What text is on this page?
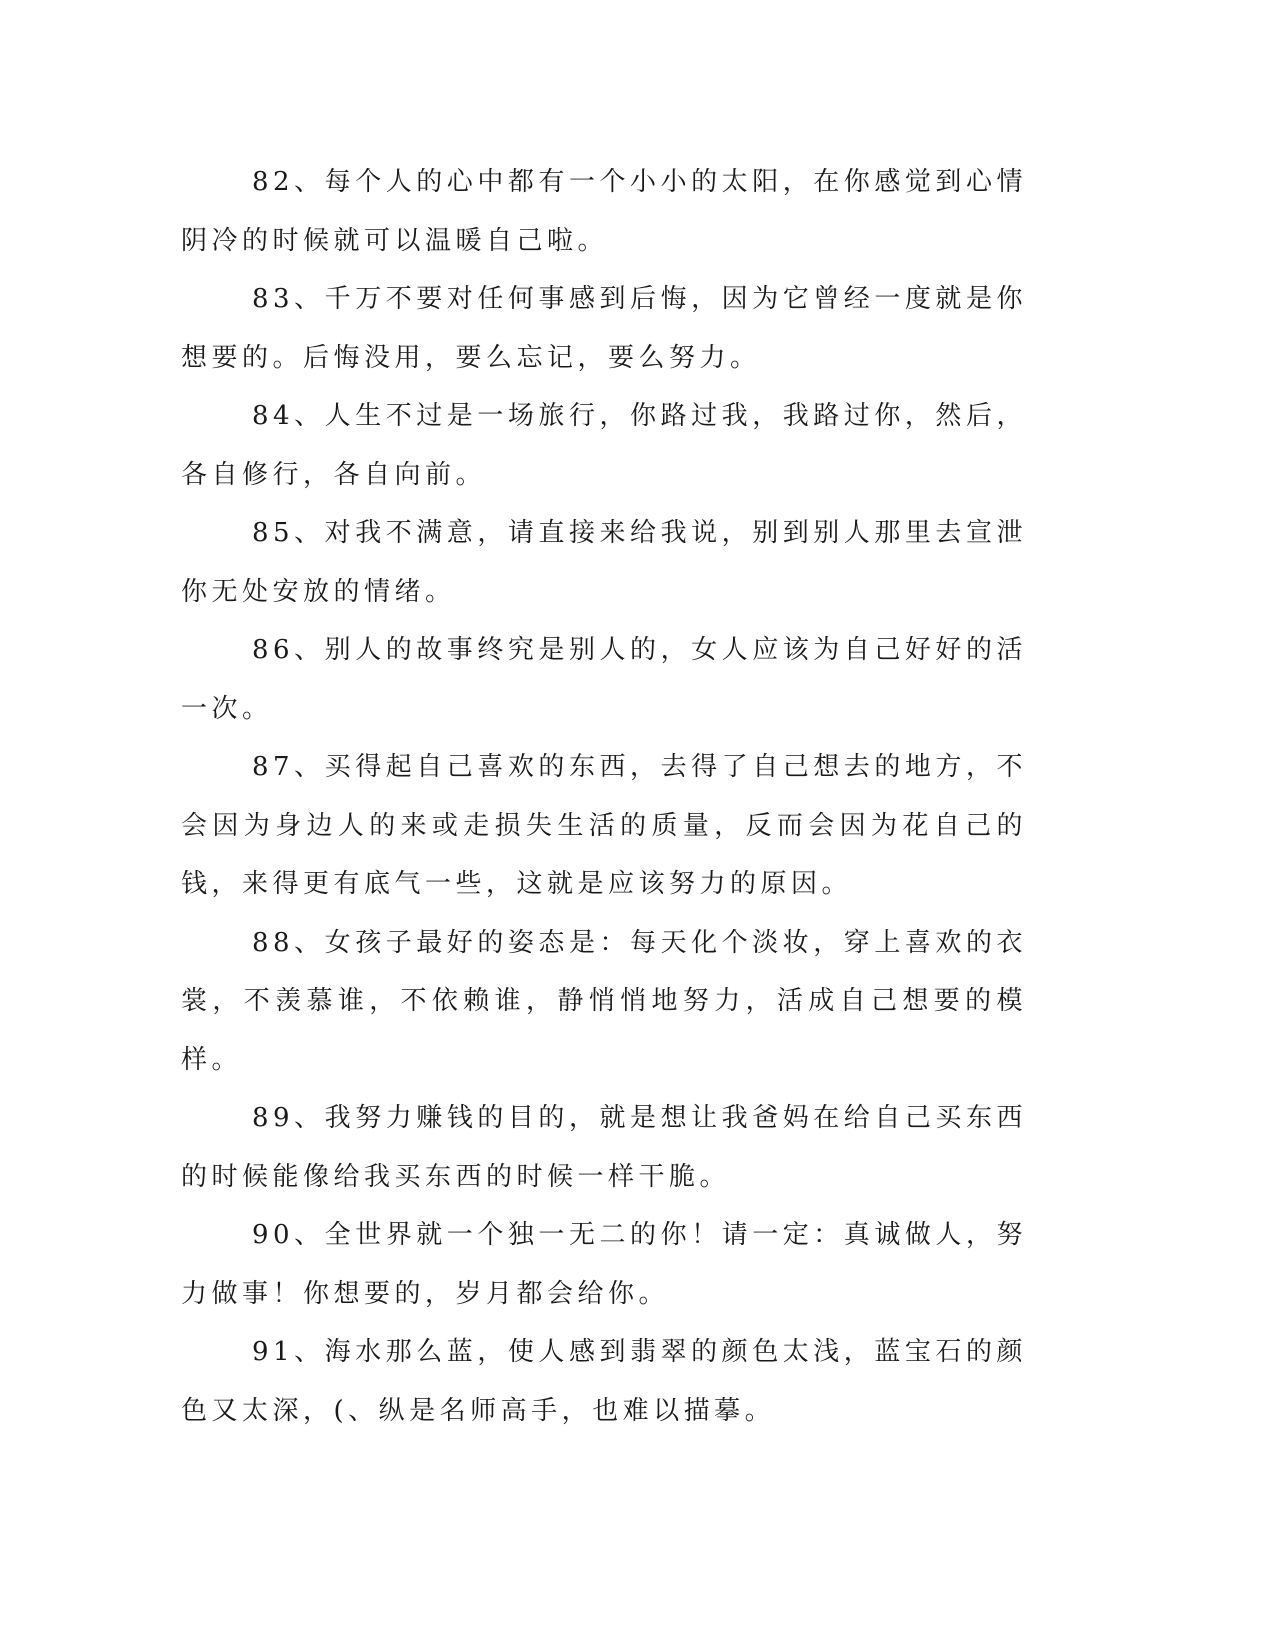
82、每个人的心中都有一个小小的太阳，在你感觉到心情阴冷的时候就可以温暖自己啦。

83、千万不要对任何事感到后悔，因为它曾经一度就是你想要的。后悔没用，要么忘记，要么努力。

84、人生不过是一场旅行，你路过我，我路过你，然后，各自修行，各自向前。

85、对我不满意，请直接来给我说，别到别人那里去宣泄你无处安放的情绪。

86、别人的故事终究是别人的，女人应该为自己好好的活一次。

87、买得起自己喜欢的东西，去得了自己想去的地方，不会因为身边人的来或走损失生活的质量，反而会因为花自己的钱，来得更有底气一些，这就是应该努力的原因。

88、女孩子最好的姿态是：每天化个淡妆，穿上喜欢的衣裳，不羡慕谁，不依赖谁，静悄悄地努力，活成自己想要的模样。

89、我努力赚钱的目的，就是想让我爸妈在给自己买东西的时候能像给我买东西的时候一样干脆。

90、全世界就一个独一无二的你！请一定：真诚做人，努力做事！你想要的，岁月都会给你。

91、海水那么蓝，使人感到翡翠的颜色太浅，蓝宝石的颜色又太深，(、纵是名师高手，也难以描摹。
